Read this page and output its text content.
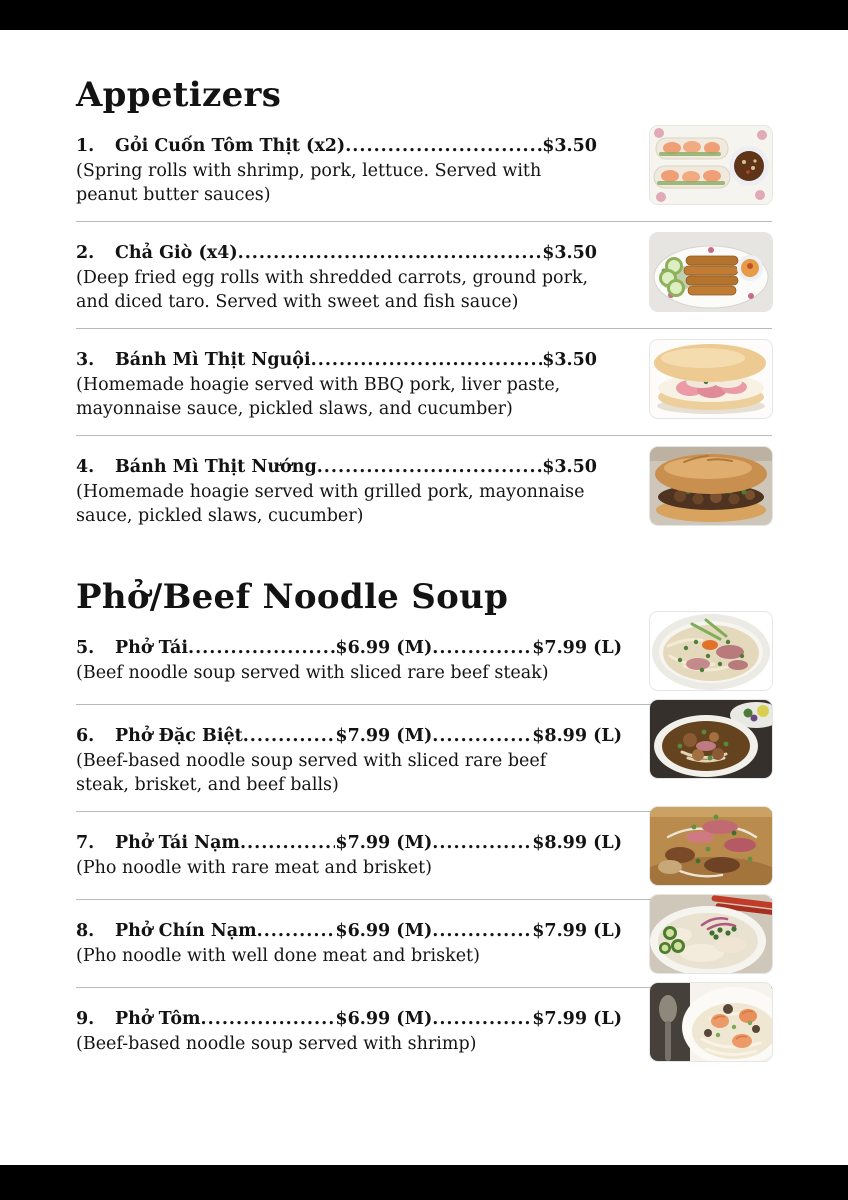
Appetizers
1.	Gỏi Cuốn Tôm Thịt (x2) .....	$3.50
(Spring rolls with shrimp, pork, lettuce. Served with peanut butter sauces)
2.	Chả Giò (x4) .....	$3.50
(Deep fried egg rolls with shredded carrots, ground pork, and diced taro. Served with sweet and fish sauce)
3.	Bánh Mì Thịt Nguội .....	$3.50
(Homemade hoagie served with BBQ pork, liver paste, mayonnaise sauce, pickled slaws, and cucumber)
4.	Bánh Mì Thịt Nướng .....	$3.50
(Homemade hoagie served with grilled pork, mayonnaise sauce, pickled slaws, cucumber)
Phở/Beef Noodle Soup
5.	Phở Tái .....	$6.99 (M) .....	$7.99 (L)
(Beef noodle soup served with sliced rare beef steak)
6.	Phở Đặc Biệt .....	$7.99 (M) .....	$8.99 (L)
(Beef-based noodle soup served with sliced rare beef steak, brisket, and beef balls)
7.	Phở Tái Nạm .....	$7.99 (M) .....	$8.99 (L)
(Pho noodle with rare meat and brisket)
8.	Phở Chín Nạm .....	$6.99 (M) .....	$7.99 (L)
(Pho noodle with well done meat and brisket)
9.	Phở Tôm .....	$6.99 (M) .....	$7.99 (L)
(Beef-based noodle soup served with shrimp)
